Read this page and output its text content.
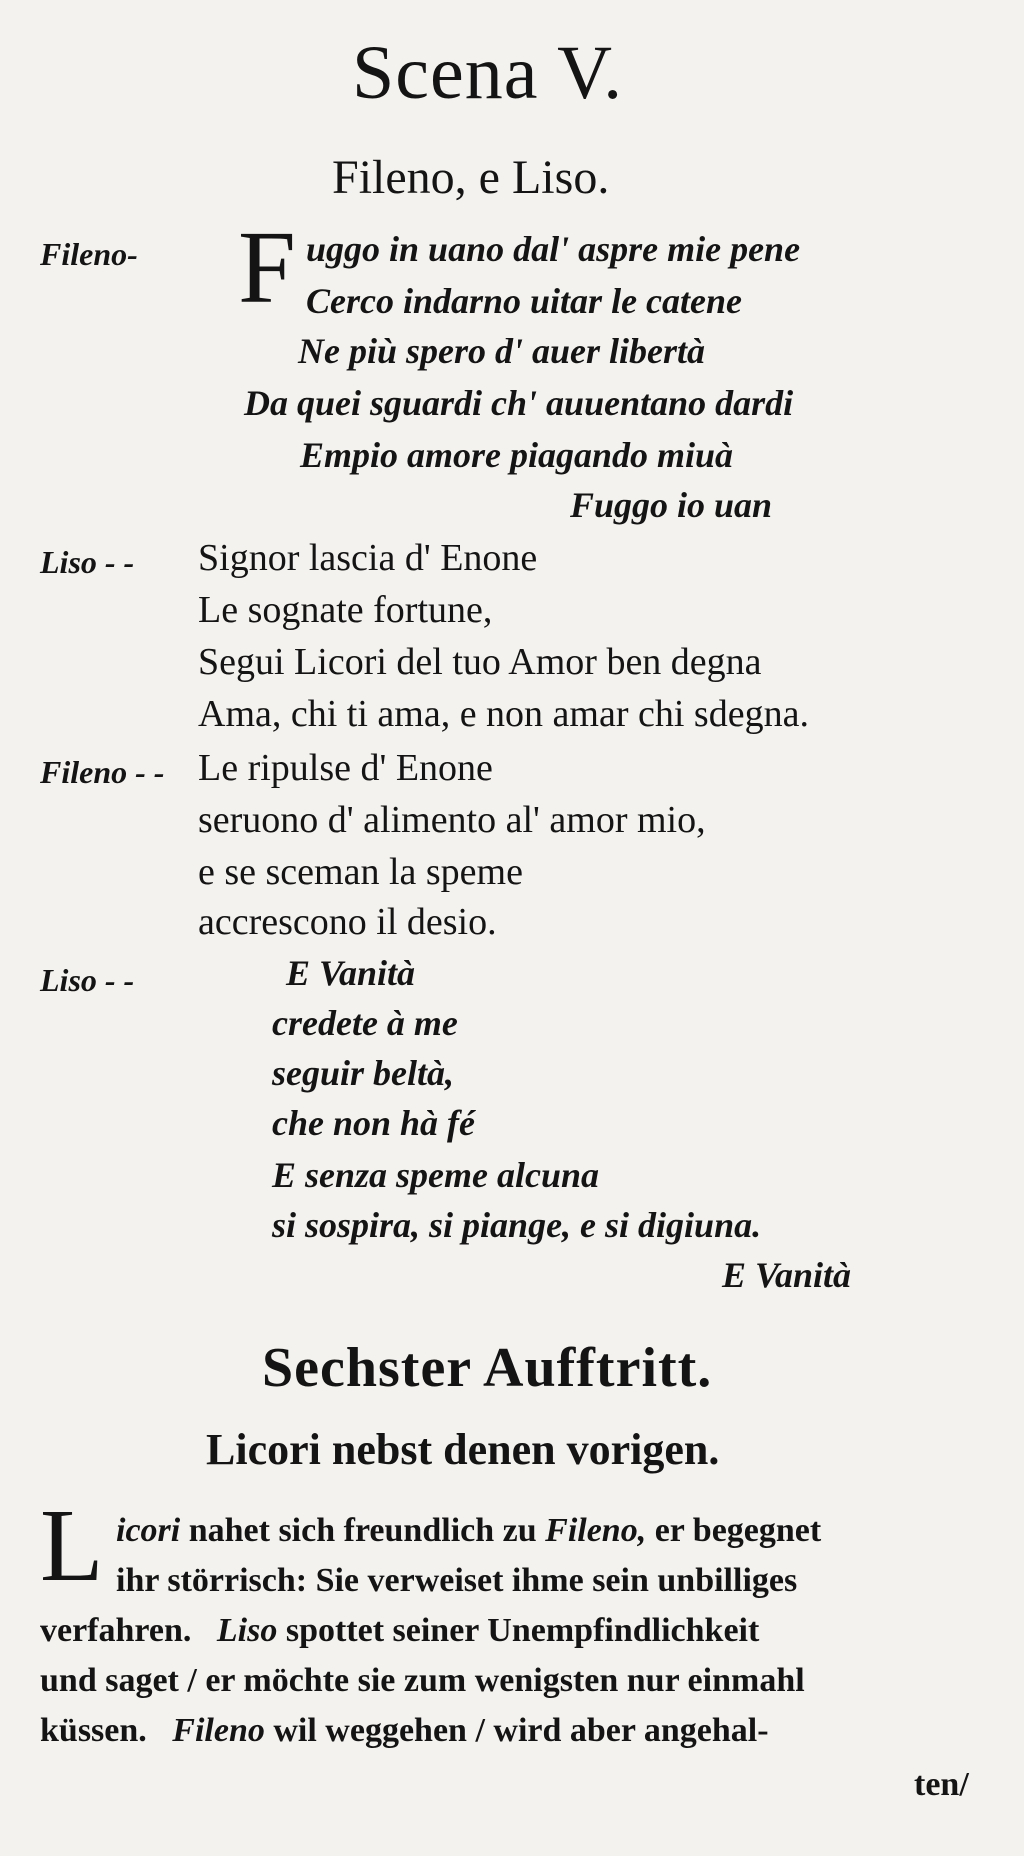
Scena V.
Fileno, e Liso.
Fileno- F uggo in uano dal' aspre mie pene
Cerco indarno uitar le catene
Ne più spero d' auer libertà
Da quei sguardi ch' auuentano dardi
Empio amore piagando miuà
Fuggo io uan
Liso - - Signor lascia d' Enone
Le sognate fortune,
Segui Licori del tuo Amor ben degna
Ama, chi ti ama, e non amar chi sdegna.
Fileno - - Le ripulse d' Enone
seruono d' alimento al' amor mio,
e se sceman la speme
accrescono il desio.
Liso - -	E Vanità
credete à me
seguir beltà,
che non hà fé
E senza speme alcuna
si sospira, si piange, e si digiuna.
E Vanità
Sechster Aufftritt.
Licori nebst denen vorigen.
L icori nahet sich freundlich zu Fileno, er begegnet
ihr störrisch: Sie verweiset ihme sein unbilliges
verfahren. Liso spottet seiner Unempfindlichkeit
und saget / er möchte sie zum wenigsten nur einmahl
küssen. Fileno wil weggehen / wird aber angehal-
ten/
